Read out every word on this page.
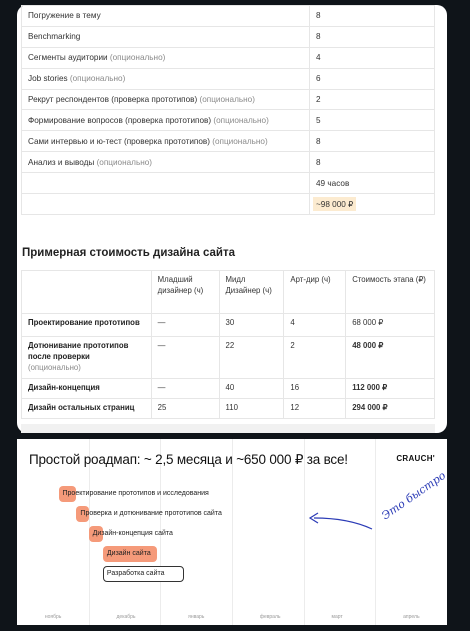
Погружение в тему	8
Benchmarking	8
Сегменты аудитории (опционально)	4
Job stories (опционально)	6
Рекрут респондентов (проверка прототипов) (опционально)	2
Формирование вопросов (проверка прототипов) (опционально)	5
Сами интервью и ю-тест (проверка прототипов) (опционально)	8
Анализ и выводы (опционально)	8
	49 часов
	~98 000 ₽
Примерная стоимость дизайна сайта
	Младший дизайнер (ч)	Мидл Дизайнер (ч)	Арт-дир (ч)	Стоимость этапа (₽)
Проектирование прототипов	—	30	4	68 000 ₽
Дотюнивание прототипов после проверки
(опционально)	—	22	2	48 000 ₽
Дизайн-концепция	—	40	16	112 000 ₽
Дизайн остальных страниц	25	110	12	294 000 ₽
Простой роадмап: ~ 2,5 месяца и ~650 000 ₽ за все!	CRAUCH'
Это быстро
Проектирование прототипов и исследования
Проверка и дотюнивание прототипов сайта
Дизайн-концепция сайта
Дизайн сайта
Разработка сайта
ноябрь	декабрь	январь	февраль	март	апрель
